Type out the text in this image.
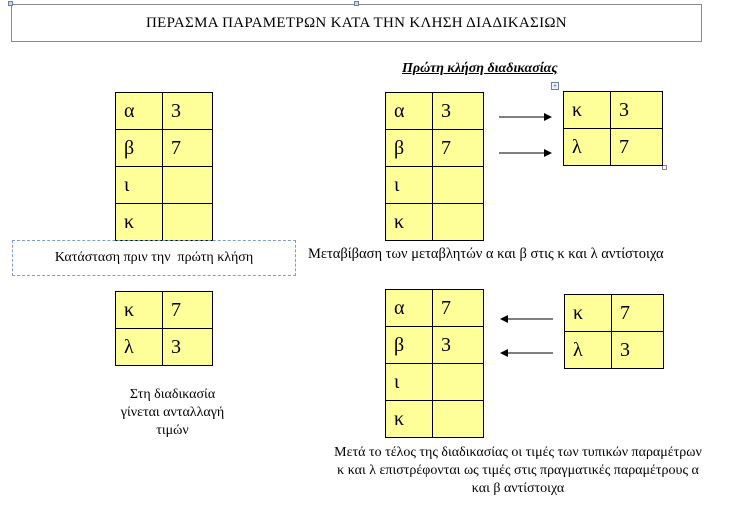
ΠΕΡΑΣΜΑ ΠΑΡΑΜΕΤΡΩΝ ΚΑΤΑ ΤΗΝ ΚΛΗΣΗ ΔΙΑΔΙΚΑΣΙΩΝ
Πρώτη κλήση διαδικασίας
α	3
β	7
ι	
κ	
Κατάσταση πριν την  πρώτη κλήση
α	3
β	7
ι	
κ	
+
κ	3
λ	7
Μεταβίβαση των μεταβλητών α και β στις κ και λ αντίστοιχα
κ	7
λ	3
Στη διαδικασία
γίνεται ανταλλαγή
τιμών
α	7
β	3
ι	
κ	
κ	7
λ	3
Μετά το τέλος της διαδικασίας οι τιμές των τυπικών παραμέτρων
κ και λ επιστρέφονται ως τιμές στις πραγματικές παραμέτρους α
και β αντίστοιχα
